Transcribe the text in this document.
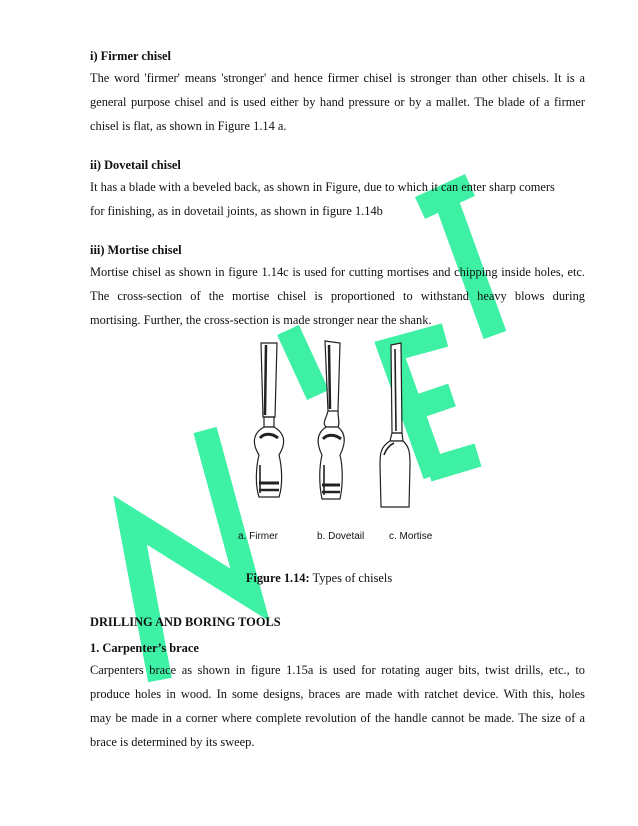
i) Firmer chisel
The word 'firmer' means 'stronger' and hence firmer chisel is stronger than other chisels. It is a
general purpose chisel and is used either by hand pressure or by a mallet. The blade of a firmer
chisel is flat, as shown in Figure 1.14 a.
ii) Dovetail chisel
It has a blade with a beveled back, as shown in Figure, due to which it can enter sharp comers
for finishing, as in dovetail joints, as shown in figure 1.14b
iii) Mortise chisel
Mortise chisel as shown in figure 1.14c is used for cutting mortises and chipping inside holes, etc.
The cross-section of the mortise chisel is proportioned to withstand heavy blows during
mortising. Further, the cross-section is made stronger near the shank.
a. Firmer	b. Dovetail c. Mortise
Figure 1.14: Types of chisels
DRILLING AND BORING TOOLS
1. Carpenter’s brace
Carpenters brace as shown in figure 1.15a is used for rotating auger bits, twist drills, etc., to
produce holes in wood. In some designs, braces are made with ratchet device. With this, holes
may be made in a corner where complete revolution of the handle cannot be made. The size of a
brace is determined by its sweep.
